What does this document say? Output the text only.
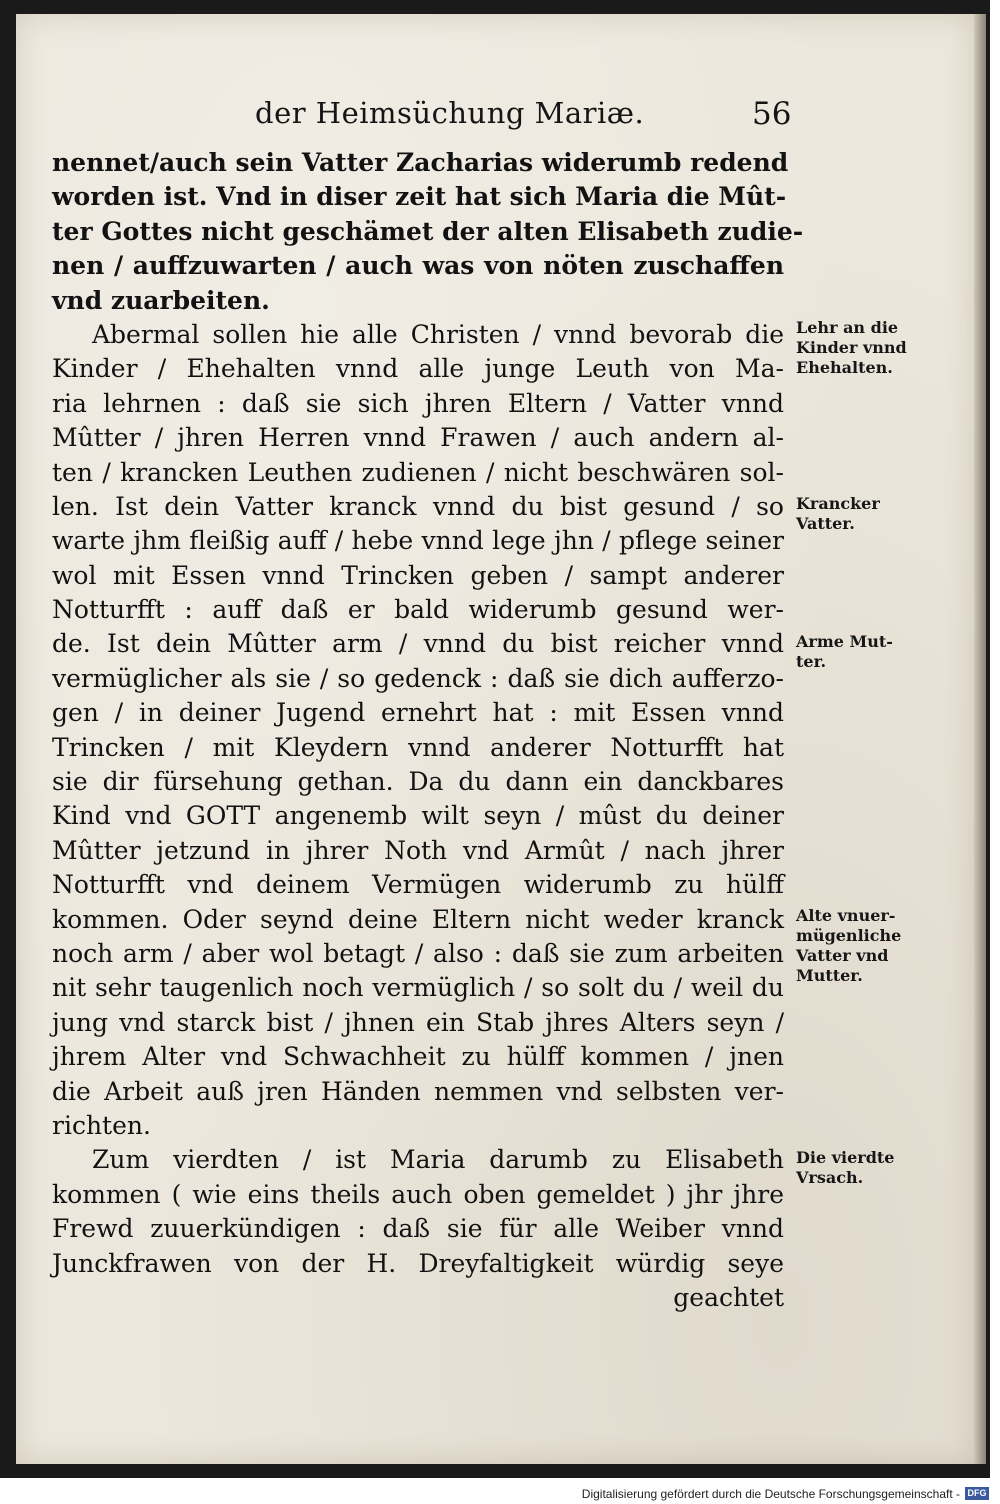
der Heimsüchung Mariæ.	56
nennet/auch sein Vatter Zacharias widerumb redend
worden ist. Vnd in diser zeit hat sich Maria die Mût-
ter Gottes nicht geschämet der alten Elisabeth zudie-
nen / auffzuwarten / auch was von nöten zuschaffen
vnd zuarbeiten.
Abermal sollen hie alle Christen / vnnd bevorab die
Kinder / Ehehalten vnnd alle junge Leuth von Ma-
ria lehrnen : daß sie sich jhren Eltern / Vatter vnnd
Mûtter / jhren Herren vnnd Frawen / auch andern al-
ten / krancken Leuthen zudienen / nicht beschwären sol-
len. Ist dein Vatter kranck vnnd du bist gesund / so
warte jhm fleißig auff / hebe vnnd lege jhn / pflege seiner
wol mit Essen vnnd Trincken geben / sampt anderer
Notturfft : auff daß er bald widerumb gesund wer-
de. Ist dein Mûtter arm / vnnd du bist reicher vnnd
vermüglicher als sie / so gedenck : daß sie dich aufferzo-
gen / in deiner Jugend ernehrt hat : mit Essen vnnd
Trincken / mit Kleydern vnnd anderer Notturfft hat
sie dir fürsehung gethan. Da du dann ein danckbares
Kind vnd GOTT angenemb wilt seyn / mûst du deiner
Mûtter jetzund in jhrer Noth vnd Armût / nach jhrer
Notturfft vnd deinem Vermügen widerumb zu hülff
kommen. Oder seynd deine Eltern nicht weder kranck
noch arm / aber wol betagt / also : daß sie zum arbeiten
nit sehr taugenlich noch vermüglich / so solt du / weil du
jung vnd starck bist / jhnen ein Stab jhres Alters seyn /
jhrem Alter vnd Schwachheit zu hülff kommen / jnen
die Arbeit auß jren Händen nemmen vnd selbsten ver-
richten.
Zum vierdten / ist Maria darumb zu Elisabeth
kommen ( wie eins theils auch oben gemeldet ) jhr jhre
Frewd zuuerkündigen : daß sie für alle Weiber vnnd
Junckfrawen von der H. Dreyfaltigkeit würdig seye
geachtet
Lehr an die
Kinder vnnd
Ehehalten.
Krancker
Vatter.
Arme Mut-
ter.
Alte vnuer-
mügenliche
Vatter vnd
Mutter.
Die vierdte
Vrsach.
Digitalisierung gefördert durch die Deutsche Forschungsgemeinschaft - DFG
